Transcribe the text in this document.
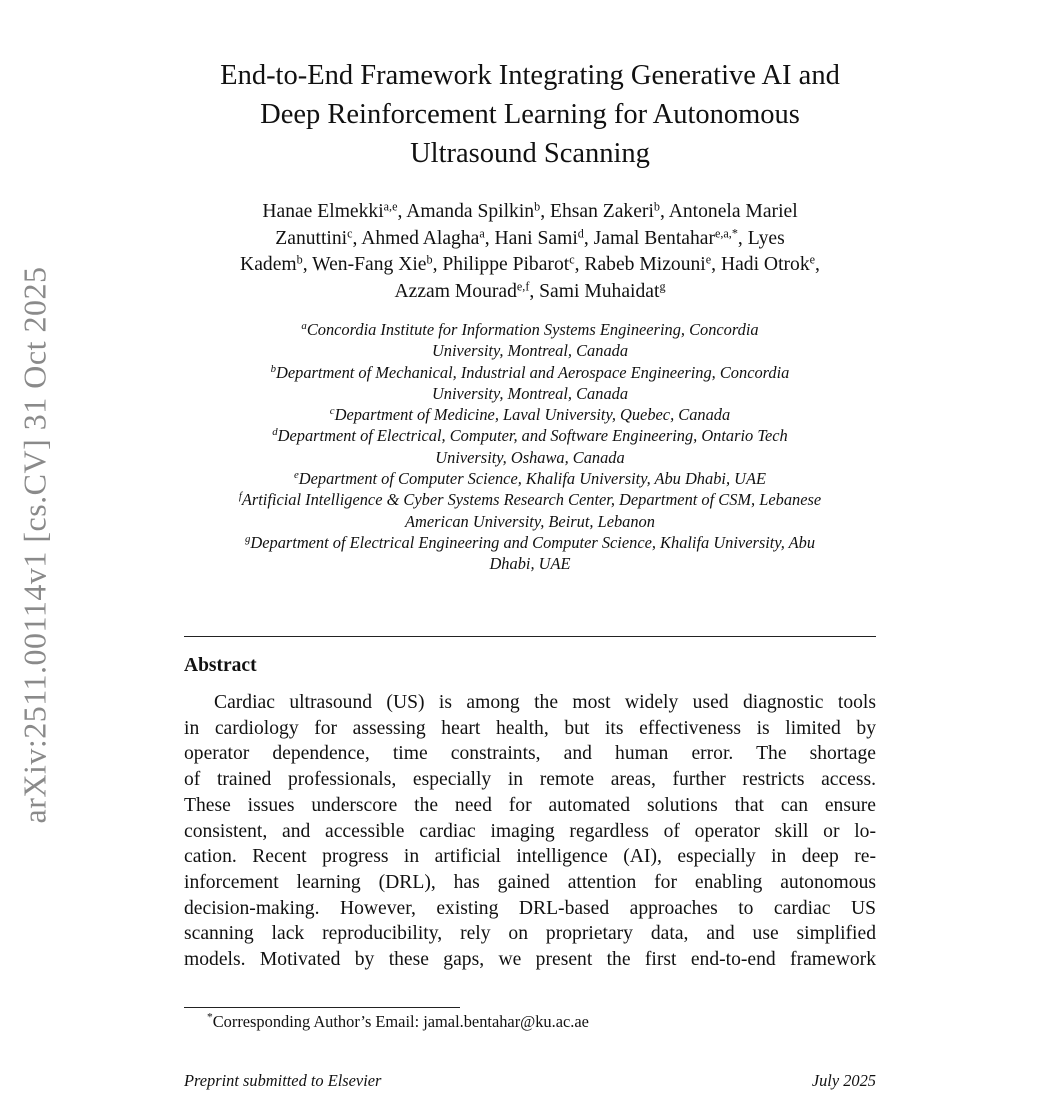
arXiv:2511.00114v1 [cs.CV] 31 Oct 2025
End-to-End Framework Integrating Generative AI and
Deep Reinforcement Learning for Autonomous
Ultrasound Scanning
Hanae Elmekki$^{a,e}$, Amanda Spilkin$^b$, Ehsan Zakeri$^b$, Antonela Mariel
Zanuttini$^c$, Ahmed Alagha$^a$, Hani Sami$^d$, Jamal Bentahar$^{e,a,*}$, Lyes
Kadem$^b$, Wen-Fang Xie$^b$, Philippe Pibarot$^c$, Rabeb Mizouni$^e$, Hadi Otrok$^e$,
Azzam Mourad$^{e,f}$, Sami Muhaidat$^g$
$^a$Concordia Institute for Information Systems Engineering, Concordia
University, Montreal, Canada
$^b$Department of Mechanical, Industrial and Aerospace Engineering, Concordia
University, Montreal, Canada
$^c$Department of Medicine, Laval University, Quebec, Canada
$^d$Department of Electrical, Computer, and Software Engineering, Ontario Tech
University, Oshawa, Canada
$^e$Department of Computer Science, Khalifa University, Abu Dhabi, UAE
$^f$Artificial Intelligence & Cyber Systems Research Center, Department of CSM, Lebanese
American University, Beirut, Lebanon
$^g$Department of Electrical Engineering and Computer Science, Khalifa University, Abu
Dhabi, UAE
Abstract
Cardiac ultrasound (US) is among the most widely used diagnostic tools
in cardiology for assessing heart health, but its effectiveness is limited by
operator dependence, time constraints, and human error. The shortage
of trained professionals, especially in remote areas, further restricts access.
These issues underscore the need for automated solutions that can ensure
consistent, and accessible cardiac imaging regardless of operator skill or lo-
cation. Recent progress in artificial intelligence (AI), especially in deep re-
inforcement learning (DRL), has gained attention for enabling autonomous
decision-making. However, existing DRL-based approaches to cardiac US
scanning lack reproducibility, rely on proprietary data, and use simplified
models. Motivated by these gaps, we present the first end-to-end framework
*Corresponding Author’s Email: jamal.bentahar@ku.ac.ae
Preprint submitted to Elsevier	July 2025
